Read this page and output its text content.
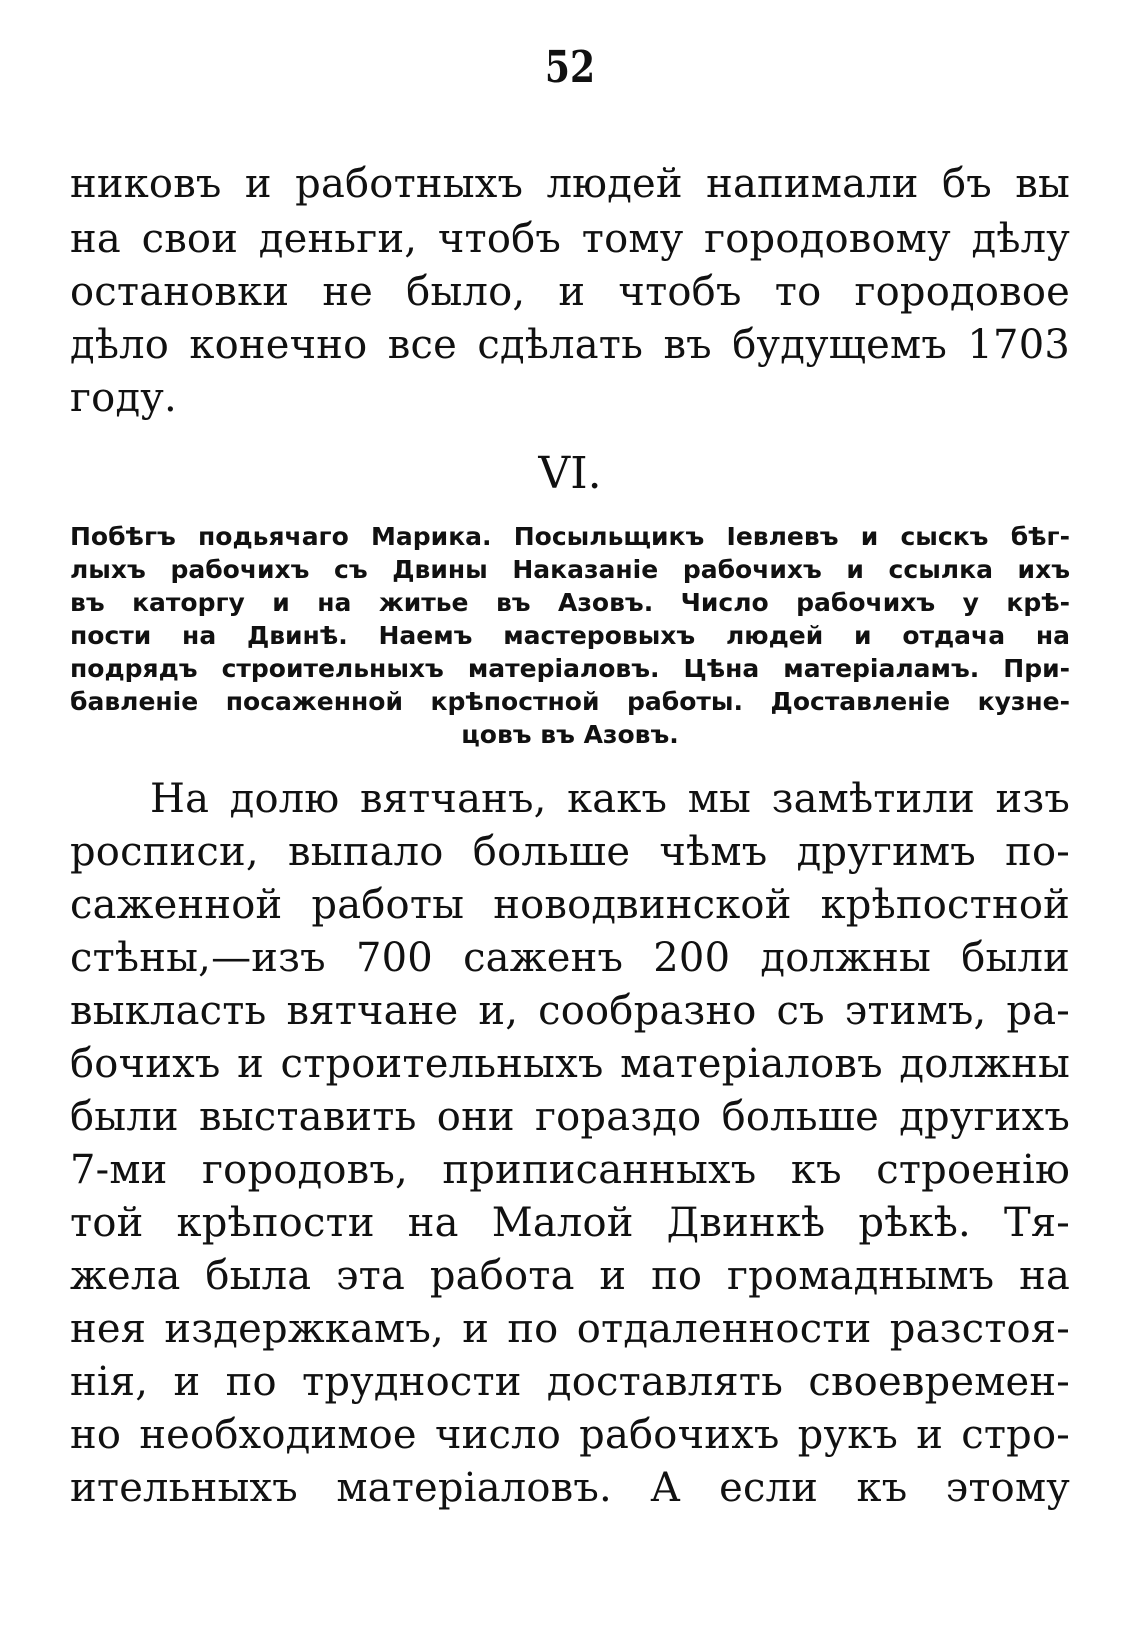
52
никовъ и работныхъ людей напимали бъ вы
на свои деньги, чтобъ тому городовому дѣлу
остановки не было, и чтобъ то городовое
дѣло конечно все сдѣлать въ будущемъ 1703
году.
VI.
Побѣгъ подьячаго Марика. Посыльщикъ Іевлевъ и сыскъ бѣг-
лыхъ рабочихъ съ Двины Наказаніе рабочихъ и ссылка ихъ
въ каторгу и на житье въ Азовъ. Число рабочихъ у крѣ-
пости на Двинѣ. Наемъ мастеровыхъ людей и отдача на
подрядъ строительныхъ матеріаловъ. Цѣна матеріаламъ. При-
бавленіе посаженной крѣпостной работы. Доставленіе кузне-
цовъ въ Азовъ.
На долю вятчанъ, какъ мы замѣтили изъ
росписи, выпало больше чѣмъ другимъ по-
саженной работы новодвинской крѣпостной
стѣны,—изъ 700 саженъ 200 должны были
выкласть вятчане и, сообразно съ этимъ, ра-
бочихъ и строительныхъ матеріаловъ должны
были выставить они гораздо больше другихъ
7-ми городовъ, приписанныхъ къ строенію
той крѣпости на Малой Двинкѣ рѣкѣ. Тя-
жела была эта работа и по громаднымъ на
нея издержкамъ, и по отдаленности разстоя-
нія, и по трудности доставлять своевремен-
но необходимое число рабочихъ рукъ и стро-
ительныхъ матеріаловъ. А если къ этому
